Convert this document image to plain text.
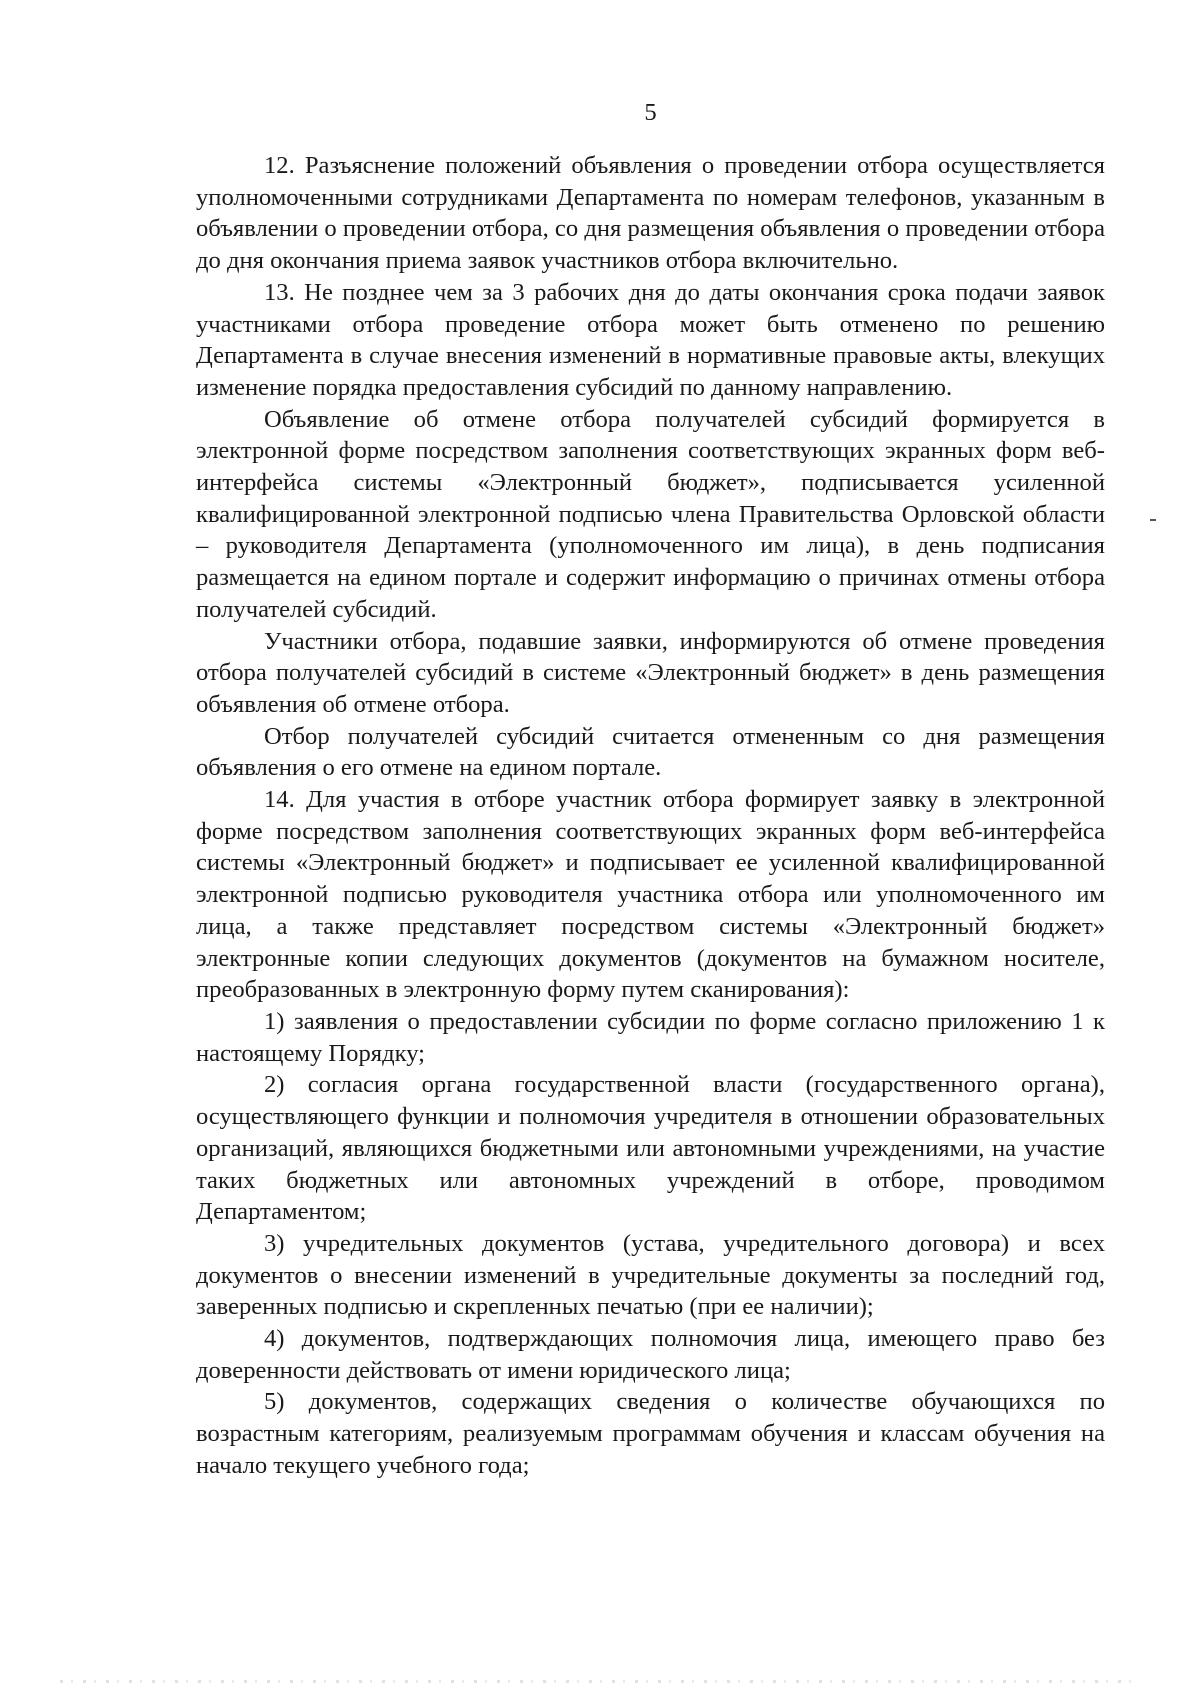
5

12. Разъяснение положений объявления о проведении отбора осуществляется уполномоченными сотрудниками Департамента по номерам телефонов, указанным в объявлении о проведении отбора, со дня размещения объявления о проведении отбора до дня окончания приема заявок участников отбора включительно.

13. Не позднее чем за 3 рабочих дня до даты окончания срока подачи заявок участниками отбора проведение отбора может быть отменено по решению Департамента в случае внесения изменений в нормативные правовые акты, влекущих изменение порядка предоставления субсидий по данному направлению.

Объявление об отмене отбора получателей субсидий формируется в электронной форме посредством заполнения соответствующих экранных форм веб-интерфейса системы «Электронный бюджет», подписывается усиленной квалифицированной электронной подписью члена Правительства Орловской области – руководителя Департамента (уполномоченного им лица), в день подписания размещается на едином портале и содержит информацию о причинах отмены отбора получателей субсидий.

Участники отбора, подавшие заявки, информируются об отмене проведения отбора получателей субсидий в системе «Электронный бюджет» в день размещения объявления об отмене отбора.

Отбор получателей субсидий считается отмененным со дня размещения объявления о его отмене на едином портале.

14. Для участия в отборе участник отбора формирует заявку в электронной форме посредством заполнения соответствующих экранных форм веб-интерфейса системы «Электронный бюджет» и подписывает ее усиленной квалифицированной электронной подписью руководителя участника отбора или уполномоченного им лица, а также представляет посредством системы «Электронный бюджет» электронные копии следующих документов (документов на бумажном носителе, преобразованных в электронную форму путем сканирования):

1) заявления о предоставлении субсидии по форме согласно приложению 1 к настоящему Порядку;

2) согласия органа государственной власти (государственного органа), осуществляющего функции и полномочия учредителя в отношении образовательных организаций, являющихся бюджетными или автономными учреждениями, на участие таких бюджетных или автономных учреждений в отборе, проводимом Департаментом;

3) учредительных документов (устава, учредительного договора) и всех документов о внесении изменений в учредительные документы за последний год, заверенных подписью и скрепленных печатью (при ее наличии);

4) документов, подтверждающих полномочия лица, имеющего право без доверенности действовать от имени юридического лица;

5) документов, содержащих сведения о количестве обучающихся по возрастным категориям, реализуемым программам обучения и классам обучения на начало текущего учебного года;
